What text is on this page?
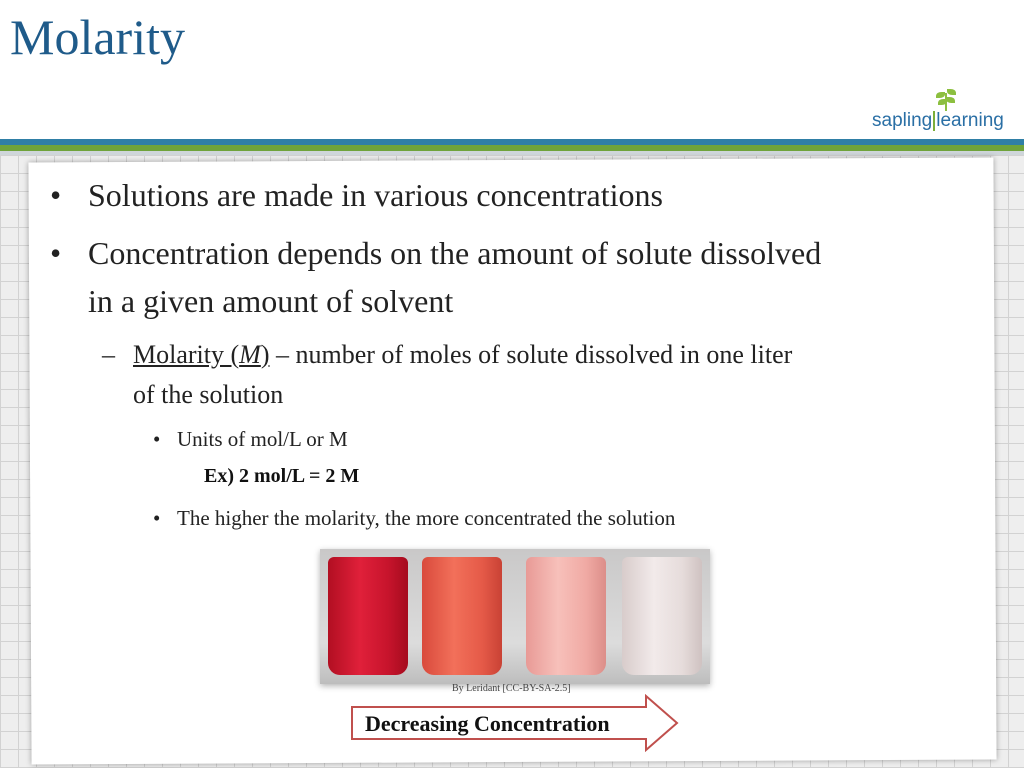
Molarity
sapling learning
• Solutions are made in various concentrations
• Concentration depends on the amount of solute dissolved
in a given amount of solvent
– Molarity (M) – number of moles of solute dissolved in one liter
of the solution
• Units of mol/L or M
Ex) 2 mol/L = 2 M
• The higher the molarity, the more concentrated the solution
By Leridant [CC-BY-SA-2.5]
Decreasing Concentration
